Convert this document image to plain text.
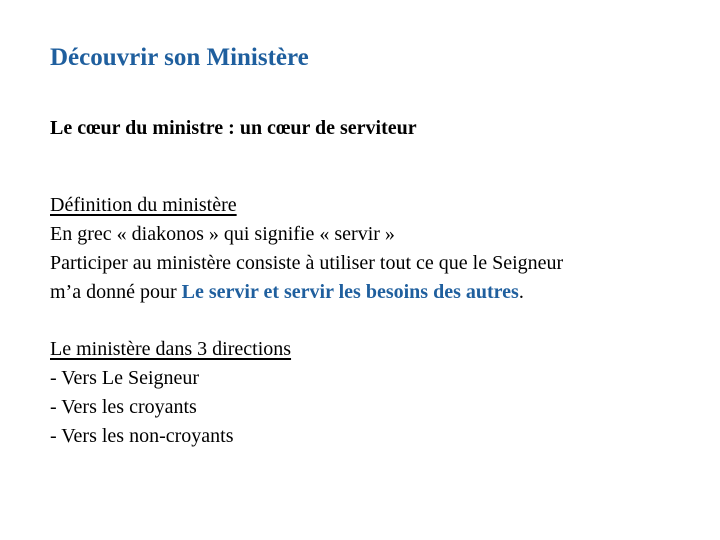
Découvrir son Ministère
Le cœur du ministre : un cœur de serviteur
Définition du ministère
En grec « diakonos » qui signifie « servir »
Participer au ministère consiste à utiliser tout ce que le Seigneur
m’a donné pour Le servir et servir les besoins des autres.
Le ministère dans 3 directions
- Vers Le Seigneur
- Vers les croyants
- Vers les non-croyants
